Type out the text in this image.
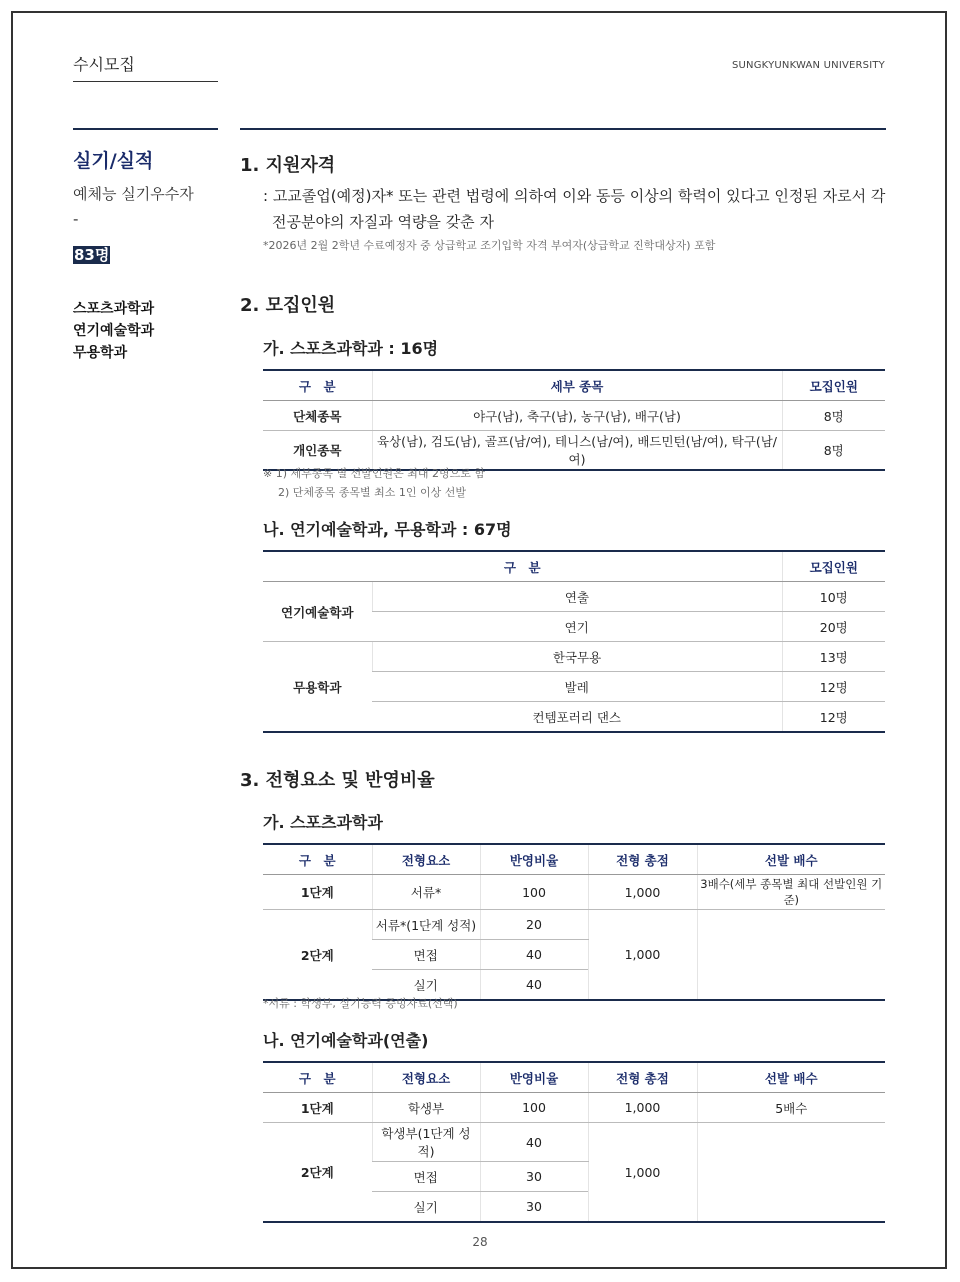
수시모집	SUNGKYUNKWAN UNIVERSITY
실기/실적
예체능 실기우수자
-
83명
스포츠과학과
연기예술학과
무용학과
1. 지원자격
: 고교졸업(예정)자* 또는 관련 법령에 의하여 이와 동등 이상의 학력이 있다고 인정된 자로서 각
전공분야의 자질과 역량을 갖춘 자
*2026년 2월 2학년 수료예정자 중 상급학교 조기입학 자격 부여자(상급학교 진학대상자) 포함
2. 모집인원
가. 스포츠과학과 : 16명
구　분	세부 종목	모집인원
단체종목	야구(남), 축구(남), 농구(남), 배구(남)	8명
개인종목	육상(남), 검도(남), 골프(남/여), 테니스(남/여), 배드민턴(남/여), 탁구(남/여)	8명
※ 1) 세부종목 별 선발인원은 최대 2명으로 함
2) 단체종목 종목별 최소 1인 이상 선발
나. 연기예술학과, 무용학과 : 67명
구　분		모집인원
연기예술학과	연출	10명
	연기	20명
무용학과	한국무용	13명
	발레	12명
	컨템포러리 댄스	12명
3. 전형요소 및 반영비율
가. 스포츠과학과
구　분	전형요소	반영비율	전형 총점	선발 배수
1단계	서류*	100	1,000	3배수(세부 종목별 최대 선발인원 기준)
2단계	서류*(1단계 성적)	20	1,000	
	면접	40		
	실기	40		
*서류 : 학생부, 실기능력 증빙자료(선택)
나. 연기예술학과(연출)
구　분	전형요소	반영비율	전형 총점	선발 배수
1단계	학생부	100	1,000	5배수
2단계	학생부(1단계 성적)	40	1,000	
	면접	30		
	실기	30		
28
